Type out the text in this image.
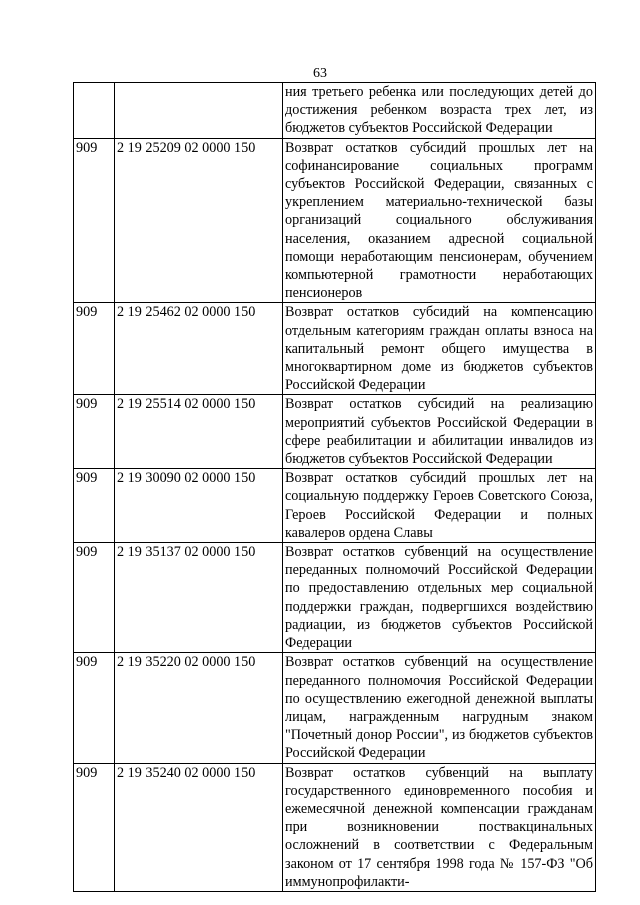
63
		ния третьего ребенка или последующих детей до достижения ребенком возраста трех лет, из бюджетов субъектов Российской Федерации
909	2 19 25209 02 0000 150	Возврат остатков субсидий прошлых лет на софинансирование социальных программ субъектов Российской Федерации, связанных с укреплением материально-технической базы организаций социального обслуживания населения, оказанием адресной социальной помощи неработающим пенсионерам, обучением компьютерной грамотности неработающих пенсионеров
909	2 19 25462 02 0000 150	Возврат остатков субсидий на компенсацию отдельным категориям граждан оплаты взноса на капитальный ремонт общего имущества в многоквартирном доме из бюджетов субъектов Российской Федерации
909	2 19 25514 02 0000 150	Возврат остатков субсидий на реализацию мероприятий субъектов Российской Федерации в сфере реабилитации и абилитации инвалидов из бюджетов субъектов Российской Федерации
909	2 19 30090 02 0000 150	Возврат остатков субсидий прошлых лет на социальную поддержку Героев Советского Союза, Героев Российской Федерации и полных кавалеров ордена Славы
909	2 19 35137 02 0000 150	Возврат остатков субвенций на осуществление переданных полномочий Российской Федерации по предоставлению отдельных мер социальной поддержки граждан, подвергшихся воздействию радиации, из бюджетов субъектов Российской Федерации
909	2 19 35220 02 0000 150	Возврат остатков субвенций на осуществление переданного полномочия Российской Федерации по осуществлению ежегодной денежной выплаты лицам, награжденным нагрудным знаком "Почетный донор России", из бюджетов субъектов Российской Федерации
909	2 19 35240 02 0000 150	Возврат остатков субвенций на выплату государственного единовременного пособия и ежемесячной денежной компенсации гражданам при возникновении поствакцинальных осложнений в соответствии с Федеральным законом от 17 сентября 1998 года № 157-ФЗ "Об иммунопрофилакти-
